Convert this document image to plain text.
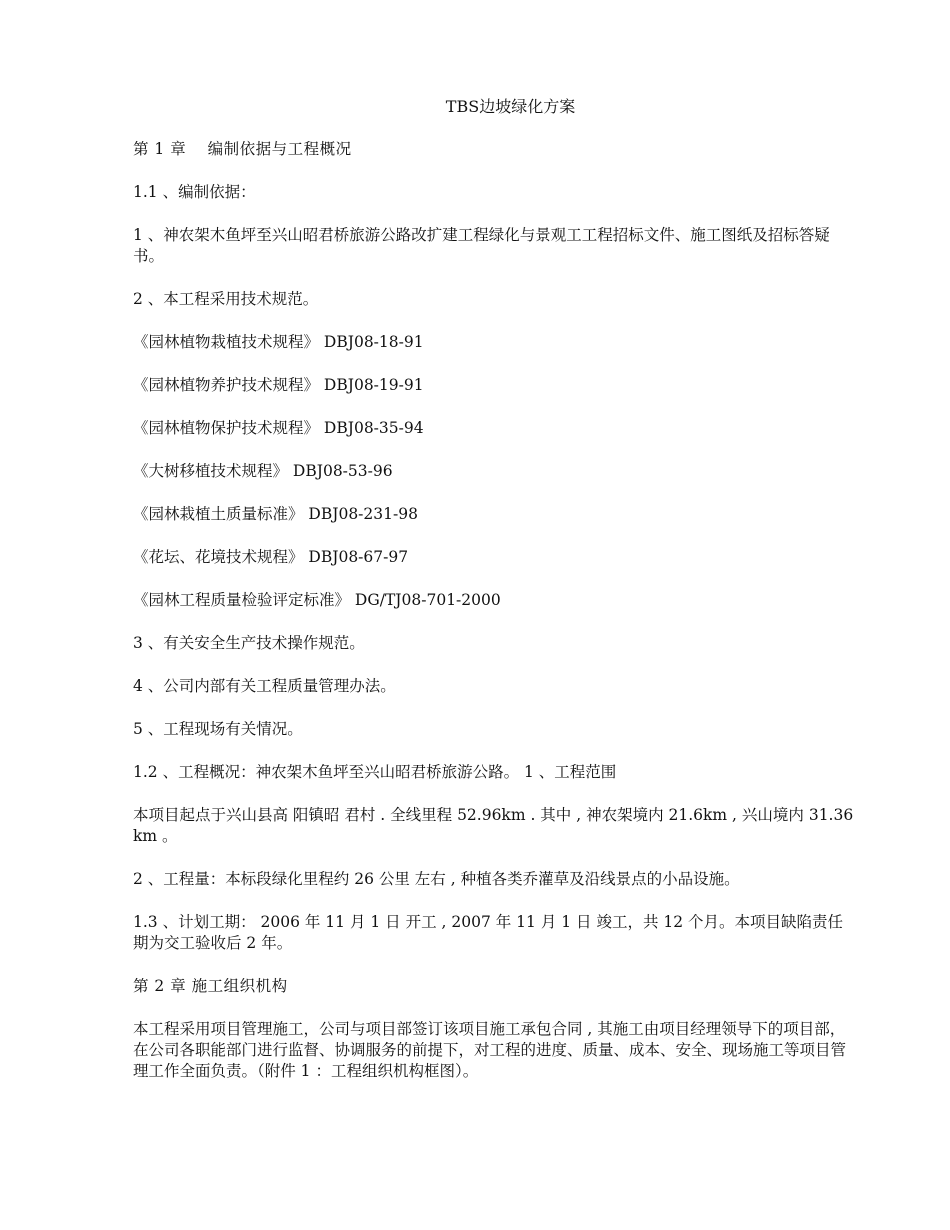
TBS边坡绿化方案
第 1 章　 编制依据与工程概况
1.1 、编制依据：
1 、神农架木鱼坪至兴山昭君桥旅游公路改扩建工程绿化与景观工工程招标文件、施工图纸及招标答疑书。
2 、本工程采用技术规范。
《园林植物栽植技术规程》 DBJ08-18-91
《园林植物养护技术规程》 DBJ08-19-91
《园林植物保护技术规程》 DBJ08-35-94
《大树移植技术规程》 DBJ08-53-96
《园林栽植土质量标准》 DBJ08-231-98
《花坛、花境技术规程》 DBJ08-67-97
《园林工程质量检验评定标准》 DG/TJ08-701-2000
3 、有关安全生产技术操作规范。
4 、公司内部有关工程质量管理办法。
5 、工程现场有关情况。
1.2 、工程概况：神农架木鱼坪至兴山昭君桥旅游公路。 1 、工程范围
本项目起点于兴山县高 阳镇昭 君村 . 全线里程 52.96km . 其中 , 神农架境内 21.6km , 兴山境内 31.36km 。
2 、工程量：本标段绿化里程约 26 公里 左右 , 种植各类乔灌草及沿线景点的小品设施。
1.3 、计划工期： 2006 年 11 月 1 日 开工 , 2007 年 11 月 1 日 竣工，共 12 个月。本项目缺陷责任期为交工验收后 2 年。
第 2 章 施工组织机构
本工程采用项目管理施工，公司与项目部签订该项目施工承包合同 , 其施工由项目经理领导下的项目部，在公司各职能部门进行监督、协调服务的前提下，对工程的进度、质量、成本、安全、现场施工等项目管理工作全面负责。（附件 1 ：工程组织机构框图）。
